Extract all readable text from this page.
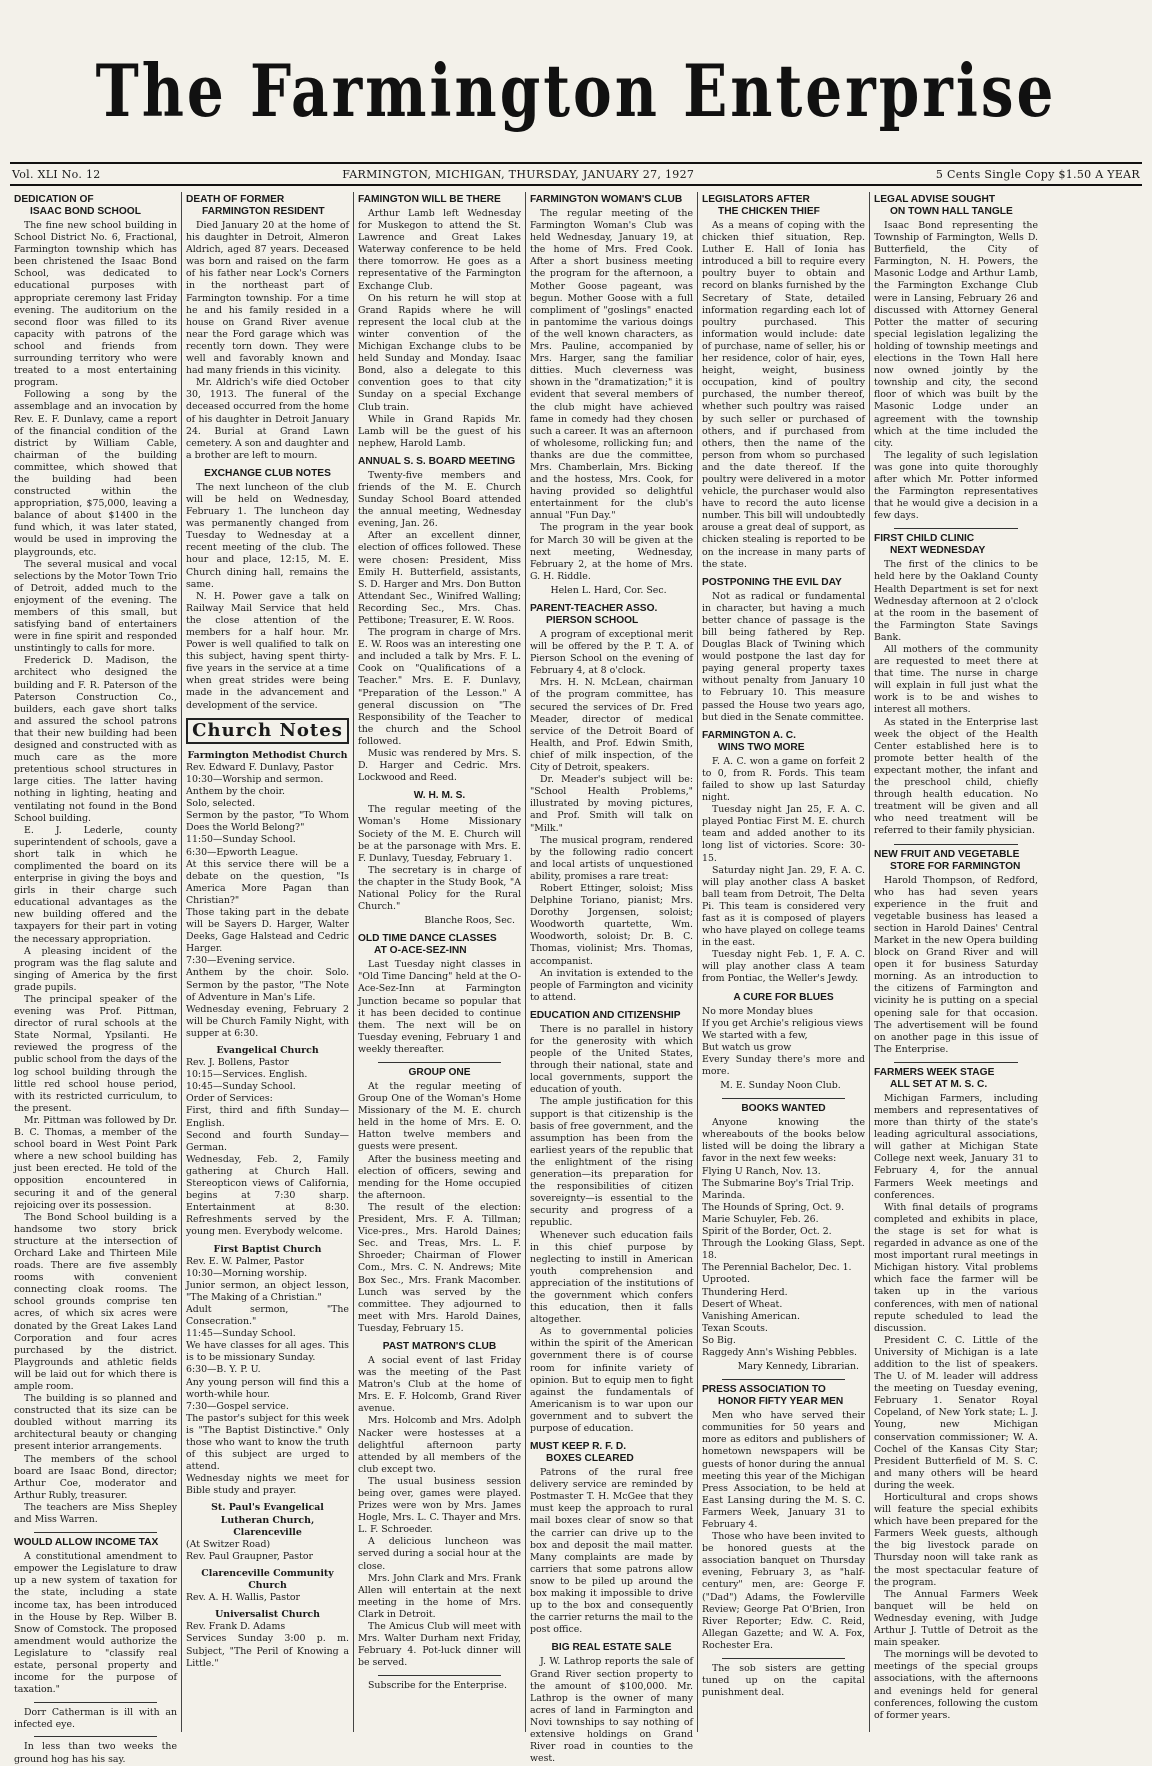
The Farmington Enterprise
Vol. XLI No. 12	FARMINGTON, MICHIGAN, THURSDAY, JANUARY 27, 1927	5 Cents Single Copy $1.50 A YEAR
DEDICATION OF
ISAAC BOND SCHOOL

The fine new school building in School District No. 6, Fractional, Farmington township which has been christened the Isaac Bond School, was dedicated to educational purposes with appropriate ceremony last Friday evening. The auditorium on the second floor was filled to its capacity with patrons of the school and friends from surrounding territory who were treated to a most entertaining program.

Following a song by the assemblage and an invocation by Rev. E. F. Dunlavy, came a report of the financial condition of the district by William Cable, chairman of the building committee, which showed that the building had been constructed within the appropriation, $75,000, leaving a balance of about $1400 in the fund which, it was later stated, would be used in improving the playgrounds, etc.

The several musical and vocal selections by the Motor Town Trio of Detroit, added much to the enjoyment of the evening. The members of this small, but satisfying band of entertainers were in fine spirit and responded unstintingly to calls for more.

Frederick D. Madison, the architect who designed the building and F. R. Paterson of the Paterson Construction Co., builders, each gave short talks and assured the school patrons that their new building had been designed and constructed with as much care as the more pretentious school structures in large cities. The latter having nothing in lighting, heating and ventilating not found in the Bond School building.

E. J. Lederle, county superintendent of schools, gave a short talk in which he complimented the board on its enterprise in giving the boys and girls in their charge such educational advantages as the new building offered and the taxpayers for their part in voting the necessary appropriation.

A pleasing incident of the program was the flag salute and singing of America by the first grade pupils.

The principal speaker of the evening was Prof. Pittman, director of rural schools at the State Normal, Ypsilanti. He reviewed the progress of the public school from the days of the log school building through the little red school house period, with its restricted curriculum, to the present.

Mr. Pittman was followed by Dr. B. C. Thomas, a member of the school board in West Point Park where a new school building has just been erected. He told of the opposition encountered in securing it and of the general rejoicing over its possession.

The Bond School building is a handsome two story brick structure at the intersection of Orchard Lake and Thirteen Mile roads. There are five assembly rooms with convenient connecting cloak rooms. The school grounds comprise ten acres, of which six acres were donated by the Great Lakes Land Corporation and four acres purchased by the district. Playgrounds and athletic fields will be laid out for which there is ample room.

The building is so planned and constructed that its size can be doubled without marring its architectural beauty or changing present interior arrangements.

The members of the school board are Isaac Bond, director; Arthur Coe, moderator and Arthur Rubly, treasurer.

The teachers are Miss Shepley and Miss Warren.

WOULD ALLOW INCOME TAX

A constitutional amendment to empower the Legislature to draw up a new system of taxation for the state, including a state income tax, has been introduced in the House by Rep. Wilber B. Snow of Comstock. The proposed amendment would authorize the Legislature to "classify real estate, personal property and income for the purpose of taxation."

Dorr Catherman is ill with an infected eye.

In less than two weeks the ground hog has his say.

DEATH OF FORMER
FARMINGTON RESIDENT

Died January 20 at the home of his daughter in Detroit, Almeron Aldrich, aged 87 years. Deceased was born and raised on the farm of his father near Lock's Corners in the northeast part of Farmington township. For a time he and his family resided in a house on Grand River avenue near the Ford garage which was recently torn down. They were well and favorably known and had many friends in this vicinity.

Mr. Aldrich's wife died October 30, 1913. The funeral of the deceased occurred from the home of his daughter in Detroit January 24. Burial at Grand Lawn cemetery. A son and daughter and a brother are left to mourn.

EXCHANGE CLUB NOTES

The next luncheon of the club will be held on Wednesday, February 1. The luncheon day was permanently changed from Tuesday to Wednesday at a recent meeting of the club. The hour and place, 12:15, M. E. Church dining hall, remains the same.

N. H. Power gave a talk on Railway Mail Service that held the close attention of the members for a half hour. Mr. Power is well qualified to talk on this subject, having spent thirty-five years in the service at a time when great strides were being made in the advancement and development of the service.

Church Notes
Farmington Methodist Church
Rev. Edward F. Dunlavy, Pastor
10:30—Worship and sermon.
Anthem by the choir.
Solo, selected.
Sermon by the pastor, "To Whom Does the World Belong?"
11:50—Sunday School.
6:30—Epworth League.
At this service there will be a debate on the question, "Is America More Pagan than Christian?"
Those taking part in the debate will be Sayers D. Harger, Walter Deeks, Gage Halstead and Cedric Harger.
7:30—Evening service.
Anthem by the choir. Solo. Sermon by the pastor, "The Note of Adventure in Man's Life.
Wednesday evening, February 2 will be Church Family Night, with supper at 6:30.
Evangelical Church
Rev. J. Bollens, Pastor
10:15—Services. English.
10:45—Sunday School.
Order of Services:
First, third and fifth Sunday—English.
Second and fourth Sunday—German.
Wednesday, Feb. 2, Family gathering at Church Hall. Stereopticon views of California, begins at 7:30 sharp. Entertainment at 8:30. Refreshments served by the young men. Everybody welcome.
First Baptist Church
Rev. E. W. Palmer, Pastor
10:30—Morning worship.
Junior sermon, an object lesson, "The Making of a Christian."
Adult sermon, "The Consecration."
11:45—Sunday School.
We have classes for all ages. This is to be missionary Sunday.
6:30—B. Y. P. U.
Any young person will find this a worth-while hour.
7:30—Gospel service.
The pastor's subject for this week is "The Baptist Distinctive." Only those who want to know the truth of this subject are urged to attend.
Wednesday nights we meet for Bible study and prayer.
St. Paul's Evangelical Lutheran Church, Clarenceville
(At Switzer Road)
Rev. Paul Graupner, Pastor
Clarenceville Community Church
Rev. A. H. Wallis, Pastor
Universalist Church
Rev. Frank D. Adams
Services Sunday 3:00 p. m. Subject, "The Peril of Knowing a Little."
FAMINGTON WILL BE THERE

Arthur Lamb left Wednesday for Muskegon to attend the St. Lawrence and Great Lakes Waterway conference to be held there tomorrow. He goes as a representative of the Farmington Exchange Club.

On his return he will stop at Grand Rapids where he will represent the local club at the winter convention of the Michigan Exchange clubs to be held Sunday and Monday. Isaac Bond, also a delegate to this convention goes to that city Sunday on a special Exchange Club train.

While in Grand Rapids Mr. Lamb will be the guest of his nephew, Harold Lamb.

ANNUAL S. S. BOARD MEETING

Twenty-five members and friends of the M. E. Church Sunday School Board attended the annual meeting, Wednesday evening, Jan. 26.

After an excellent dinner, election of offices followed. These were chosen: President, Miss Emily H. Butterfield, assistants, S. D. Harger and Mrs. Don Button Attendant Sec., Winifred Walling; Recording Sec., Mrs. Chas. Pettibone; Treasurer, E. W. Roos.

The program in charge of Mrs. E. W. Roos was an interesting one and included a talk by Mrs. F. L. Cook on "Qualifications of a Teacher." Mrs. E. F. Dunlavy, "Preparation of the Lesson." A general discussion on "The Responsibility of the Teacher to the church and the School followed.

Music was rendered by Mrs. S. D. Harger and Cedric. Mrs. Lockwood and Reed.

W. H. M. S.

The regular meeting of the Woman's Home Missionary Society of the M. E. Church will be at the parsonage with Mrs. E. F. Dunlavy, Tuesday, February 1.

The secretary is in charge of the chapter in the Study Book, "A National Policy for the Rural Church."

Blanche Roos, Sec.
OLD TIME DANCE CLASSES
AT O-ACE-SEZ-INN

Last Tuesday night classes in "Old Time Dancing" held at the O-Ace-Sez-Inn at Farmington Junction became so popular that it has been decided to continue them. The next will be on Tuesday evening, February 1 and weekly thereafter.

GROUP ONE

At the regular meeting of Group One of the Woman's Home Missionary of the M. E. church held in the home of Mrs. E. O. Hatton twelve members and guests were present.

After the business meeting and election of officers, sewing and mending for the Home occupied the afternoon.

The result of the election: President, Mrs. F. A. Tillman; Vice-pres., Mrs. Harold Daines; Sec. and Treas, Mrs. L. F. Shroeder; Chairman of Flower Com., Mrs. C. N. Andrews; Mite Box Sec., Mrs. Frank Macomber. Lunch was served by the committee. They adjourned to meet with Mrs. Harold Daines, Tuesday, February 15.

PAST MATRON'S CLUB

A social event of last Friday was the meeting of the Past Matron's Club at the home of Mrs. E. F. Holcomb, Grand River avenue.

Mrs. Holcomb and Mrs. Adolph Nacker were hostesses at a delightful afternoon party attended by all members of the club except two.

The usual business session being over, games were played. Prizes were won by Mrs. James Hogle, Mrs. L. C. Thayer and Mrs. L. F. Schroeder.

A delicious luncheon was served during a social hour at the close.

Mrs. John Clark and Mrs. Frank Allen will entertain at the next meeting in the home of Mrs. Clark in Detroit.

The Amicus Club will meet with Mrs. Walter Durham next Friday, February 4. Pot-luck dinner will be served.

Subscribe for the Enterprise.

FARMINGTON WOMAN'S CLUB

The regular meeting of the Farmington Woman's Club was held Wednesday, January 19, at the home of Mrs. Fred Cook. After a short business meeting the program for the afternoon, a Mother Goose pageant, was begun. Mother Goose with a full compliment of "goslings" enacted in pantomime the various doings of the well known characters, as Mrs. Pauline, accompanied by Mrs. Harger, sang the familiar ditties. Much cleverness was shown in the "dramatization;" it is evident that several members of the club might have achieved fame in comedy had they chosen such a career. It was an afternoon of wholesome, rollicking fun; and thanks are due the committee, Mrs. Chamberlain, Mrs. Bicking and the hostess, Mrs. Cook, for having provided so delightful entertainment for the club's annual "Fun Day."

The program in the year book for March 30 will be given at the next meeting, Wednesday, February 2, at the home of Mrs. G. H. Riddle.

Helen L. Hard, Cor. Sec.
PARENT-TEACHER ASSO.
PIERSON SCHOOL

A program of exceptional merit will be offered by the P. T. A. of Pierson School on the evening of February 4, at 8 o'clock.

Mrs. H. N. McLean, chairman of the program committee, has secured the services of Dr. Fred Meader, director of medical service of the Detroit Board of Health, and Prof. Edwin Smith, chief of milk inspection, of the City of Detroit, speakers.

Dr. Meader's subject will be: "School Health Problems," illustrated by moving pictures, and Prof. Smith will talk on "Milk."

The musical program, rendered by the following radio concert and local artists of unquestioned ability, promises a rare treat:

Robert Ettinger, soloist; Miss Delphine Toriano, pianist; Mrs. Dorothy Jorgensen, soloist; Woodworth quartette, Wm. Woodworth, soloist; Dr. B. C. Thomas, violinist; Mrs. Thomas, accompanist.

An invitation is extended to the people of Farmington and vicinity to attend.

EDUCATION AND CITIZENSHIP

There is no parallel in history for the generosity with which people of the United States, through their national, state and local governments, support the education of youth.

The ample justification for this support is that citizenship is the basis of free government, and the assumption has been from the earliest years of the republic that the enlightment of the rising generation—its preparation for the responsibilities of citizen sovereignty—is essential to the security and progress of a republic.

Whenever such education fails in this chief purpose by neglecting to instill in American youth comprehension and appreciation of the institutions of the government which confers this education, then it falls altogether.

As to governmental policies within the spirit of the American government there is of course room for infinite variety of opinion. But to equip men to fight against the fundamentals of Americanism is to war upon our government and to subvert the purpose of education.

MUST KEEP R. F. D.
BOXES CLEARED

Patrons of the rural free delivery service are reminded by Postmaster T. H. McGee that they must keep the approach to rural mail boxes clear of snow so that the carrier can drive up to the box and deposit the mail matter. Many complaints are made by carriers that some patrons allow snow to be piled up around the box making it impossible to drive up to the box and consequently the carrier returns the mail to the post office.

BIG REAL ESTATE SALE

J. W. Lathrop reports the sale of Grand River section property to the amount of $100,000. Mr. Lathrop is the owner of many acres of land in Farmington and Novi townships to say nothing of extensive holdings on Grand River road in counties to the west.

LEGISLATORS AFTER
THE CHICKEN THIEF

As a means of coping with the chicken thief situation, Rep. Luther E. Hall of Ionia has introduced a bill to require every poultry buyer to obtain and record on blanks furnished by the Secretary of State, detailed information regarding each lot of poultry purchased. This information would include: date of purchase, name of seller, his or her residence, color of hair, eyes, height, weight, business occupation, kind of poultry purchased, the number thereof, whether such poultry was raised by such seller or purchased of others, and if purchased from others, then the name of the person from whom so purchased and the date thereof. If the poultry were delivered in a motor vehicle, the purchaser would also have to record the auto license number. This bill will undoubtedly arouse a great deal of support, as chicken stealing is reported to be on the increase in many parts of the state.

POSTPONING THE EVIL DAY

Not as radical or fundamental in character, but having a much better chance of passage is the bill being fathered by Rep. Douglas Black of Twining which would postpone the last day for paying general property taxes without penalty from January 10 to February 10. This measure passed the House two years ago, but died in the Senate committee.

FARMINGTON A. C.
WINS TWO MORE

F. A. C. won a game on forfeit 2 to 0, from R. Fords. This team failed to show up last Saturday night.

Tuesday night Jan 25, F. A. C. played Pontiac First M. E. church team and added another to its long list of victories. Score: 30-15.

Saturday night Jan. 29, F. A. C. will play another class A basket ball team from Detroit, The Delta Pi. This team is considered very fast as it is composed of players who have played on college teams in the east.

Tuesday night Feb. 1, F. A. C. will play another class A team from Pontiac, the Weller's Jewdy.

A CURE FOR BLUES
No more Monday blues
If you get Archie's religious views
We started with a few,
But watch us grow
Every Sunday there's more and more.
M. E. Sunday Noon Club.
BOOKS WANTED

Anyone knowing the whereabouts of the books below listed will be doing the library a favor in the next few weeks:

Flying U Ranch, Nov. 13.
The Submarine Boy's Trial Trip.
Marinda.
The Hounds of Spring, Oct. 9.
Marie Schuyler, Feb. 26.
Spirit of the Border, Oct. 2.
Through the Looking Glass, Sept. 18.
The Perennial Bachelor, Dec. 1.
Uprooted.
Thundering Herd.
Desert of Wheat.
Vanishing American.
Texan Scouts.
So Big.
Raggedy Ann's Wishing Pebbles.
Mary Kennedy, Librarian.
PRESS ASSOCIATION TO
HONOR FIFTY YEAR MEN

Men who have served their communities for 50 years and more as editors and publishers of hometown newspapers will be guests of honor during the annual meeting this year of the Michigan Press Association, to be held at East Lansing during the M. S. C. Farmers Week, January 31 to February 4.

Those who have been invited to be honored guests at the association banquet on Thursday evening, February 3, as "half-century" men, are: George F. ("Dad") Adams, the Fowlerville Review; George Pat O'Brien, Iron River Reporter; Edw. C. Reid, Allegan Gazette; and W. A. Fox, Rochester Era.

The sob sisters are getting tuned up on the capital punishment deal.

LEGAL ADVISE SOUGHT
ON TOWN HALL TANGLE

Isaac Bond representing the Township of Farmington, Wells D. Butterfield, the City of Farmington, N. H. Powers, the Masonic Lodge and Arthur Lamb, the Farmington Exchange Club were in Lansing, February 26 and discussed with Attorney General Potter the matter of securing special legislation legalizing the holding of township meetings and elections in the Town Hall here now owned jointly by the township and city, the second floor of which was built by the Masonic Lodge under an agreement with the township which at the time included the city.

The legality of such legislation was gone into quite thoroughly after which Mr. Potter informed the Farmington representatives that he would give a decision in a few days.

FIRST CHILD CLINIC
NEXT WEDNESDAY

The first of the clinics to be held here by the Oakland County Health Department is set for next Wednesday afternoon at 2 o'clock at the room in the basement of the Farmington State Savings Bank.

All mothers of the community are requested to meet there at that time. The nurse in charge will explain in full just what the work is to be and wishes to interest all mothers.

As stated in the Enterprise last week the object of the Health Center established here is to promote better health of the expectant mother, the infant and the preschool child, chiefly through health education. No treatment will be given and all who need treatment will be referred to their family physician.

NEW FRUIT AND VEGETABLE
STORE FOR FARMINGTON

Harold Thompson, of Redford, who has had seven years experience in the fruit and vegetable business has leased a section in Harold Daines' Central Market in the new Opera building block on Grand River and will open it for business Saturday morning. As an introduction to the citizens of Farmington and vicinity he is putting on a special opening sale for that occasion. The advertisement will be found on another page in this issue of The Enterprise.

FARMERS WEEK STAGE
ALL SET AT M. S. C.

Michigan Farmers, including members and representatives of more than thirty of the state's leading agricultural associations, will gather at Michigan State College next week, January 31 to February 4, for the annual Farmers Week meetings and conferences.

With final details of programs completed and exhibits in place, the stage is set for what is regarded in advance as one of the most important rural meetings in Michigan history. Vital problems which face the farmer will be taken up in the various conferences, with men of national repute scheduled to lead the discussion.

President C. C. Little of the University of Michigan is a late addition to the list of speakers. The U. of M. leader will address the meeting on Tuesday evening, February 1. Senator Royal Copeland, of New York state; L. J. Young, new Michigan conservation commissioner; W. A. Cochel of the Kansas City Star; President Butterfield of M. S. C. and many others will be heard during the week.

Horticultural and crops shows will feature the special exhibits which have been prepared for the Farmers Week guests, although the big livestock parade on Thursday noon will take rank as the most spectacular feature of the program.

The Annual Farmers Week banquet will be held on Wednesday evening, with Judge Arthur J. Tuttle of Detroit as the main speaker.

The mornings will be devoted to meetings of the special groups associations, with the afternoons and evenings held for general conferences, following the custom of former years.
